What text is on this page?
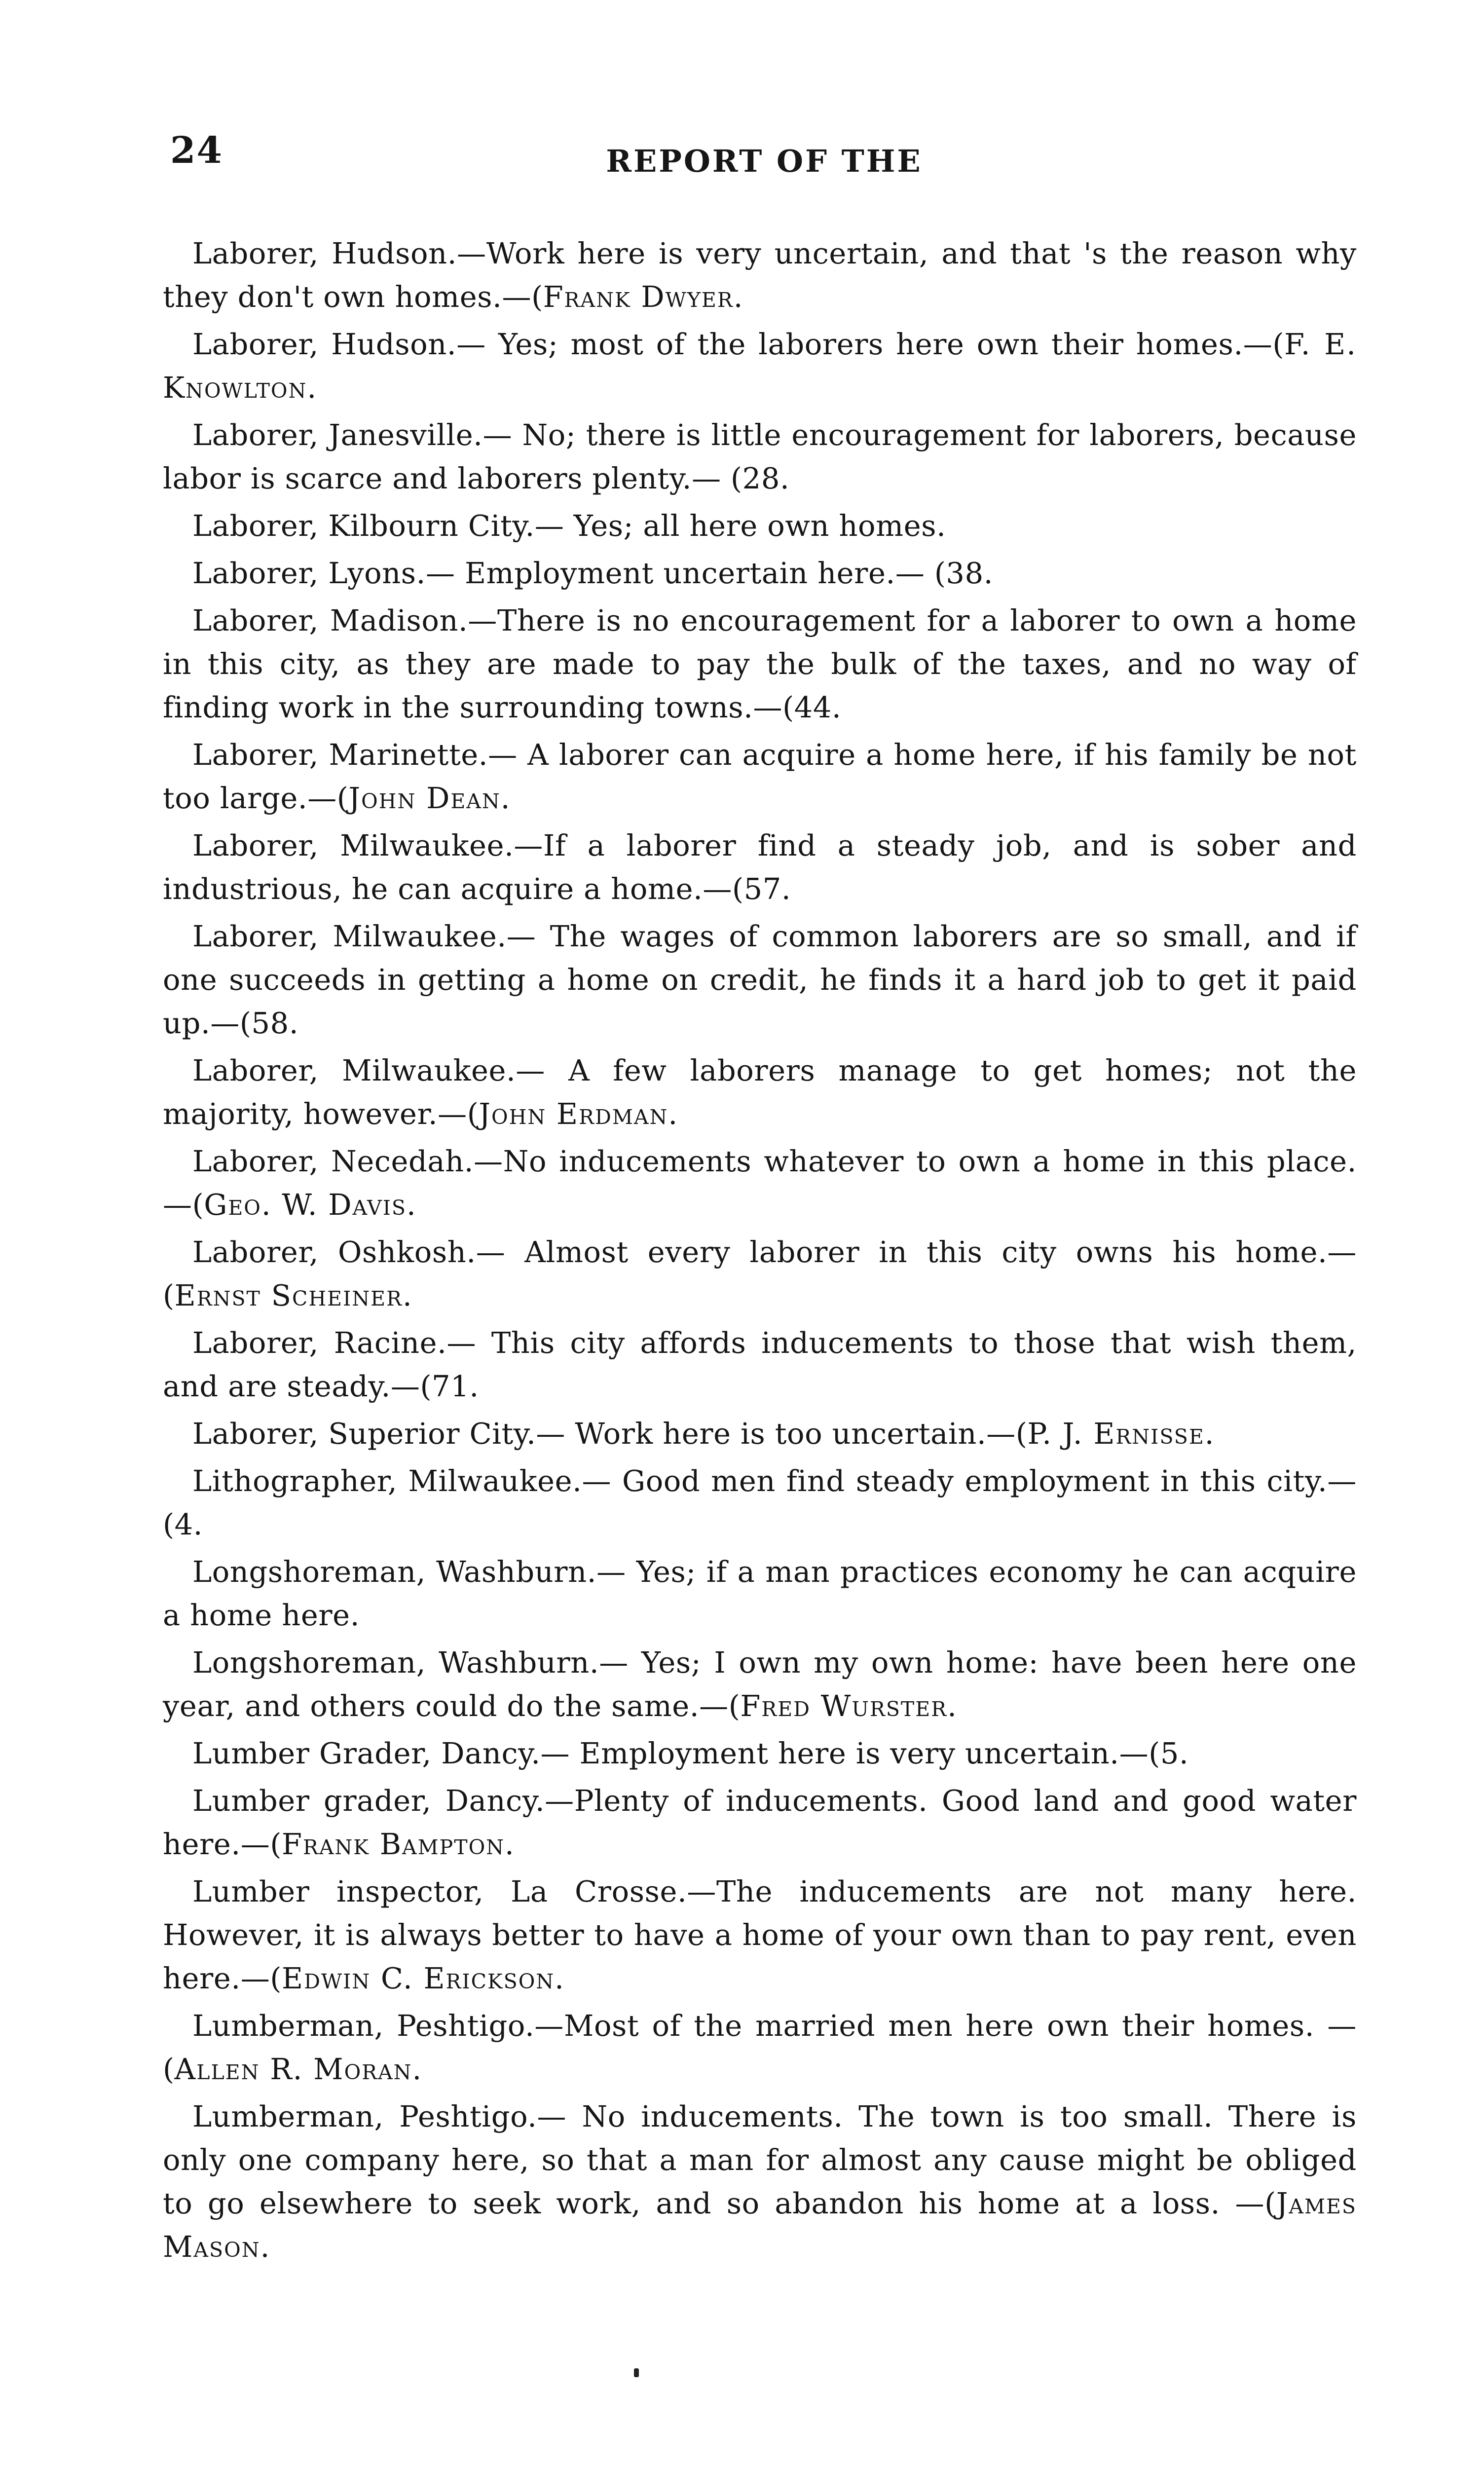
24	REPORT OF THE

Laborer, Hudson.—Work here is very uncertain, and that 's the reason why they don't own homes.—(Frank Dwyer.

Laborer, Hudson.— Yes; most of the laborers here own their homes.—(F. E. Knowlton.

Laborer, Janesville.— No; there is little encouragement for laborers, because labor is scarce and laborers plenty.— (28.

Laborer, Kilbourn City.— Yes; all here own homes.

Laborer, Lyons.— Employment uncertain here.— (38.

Laborer, Madison.—There is no encouragement for a laborer to own a home in this city, as they are made to pay the bulk of the taxes, and no way of finding work in the surrounding towns.—(44.

Laborer, Marinette.— A laborer can acquire a home here, if his family be not too large.—(John Dean.

Laborer, Milwaukee.—If a laborer find a steady job, and is sober and industrious, he can acquire a home.—(57.

Laborer, Milwaukee.— The wages of common laborers are so small, and if one succeeds in getting a home on credit, he finds it a hard job to get it paid up.—(58.

Laborer, Milwaukee.— A few laborers manage to get homes; not the majority, however.—(John Erdman.

Laborer, Necedah.—No inducements whatever to own a home in this place.—(Geo. W. Davis.

Laborer, Oshkosh.— Almost every laborer in this city owns his home.—(Ernst Scheiner.

Laborer, Racine.— This city affords inducements to those that wish them, and are steady.—(71.

Laborer, Superior City.— Work here is too uncertain.—(P. J. Ernisse.

Lithographer, Milwaukee.— Good men find steady employment in this city.—(4.

Longshoreman, Washburn.— Yes; if a man practices economy he can acquire a home here.

Longshoreman, Washburn.— Yes; I own my own home: have been here one year, and others could do the same.—(Fred Wurster.

Lumber Grader, Dancy.— Employment here is very uncertain.—(5.

Lumber grader, Dancy.—Plenty of inducements. Good land and good water here.—(Frank Bampton.

Lumber inspector, La Crosse.—The inducements are not many here. However, it is always better to have a home of your own than to pay rent, even here.—(Edwin C. Erickson.

Lumberman, Peshtigo.—Most of the married men here own their homes. —(Allen R. Moran.

Lumberman, Peshtigo.— No inducements. The town is too small. There is only one company here, so that a man for almost any cause might be obliged to go elsewhere to seek work, and so abandon his home at a loss. —(James Mason.
